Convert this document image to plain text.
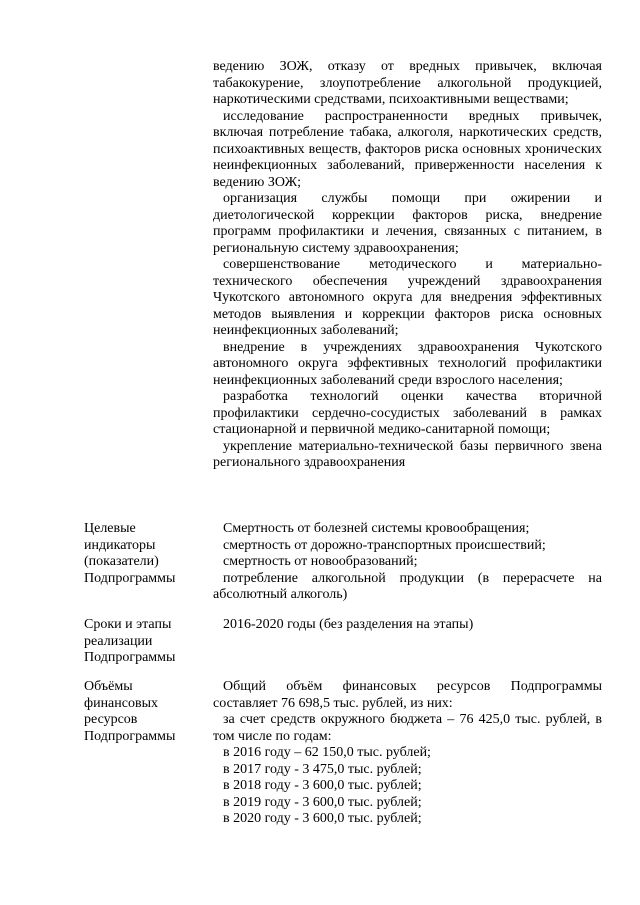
ведению ЗОЖ, отказу от вредных привычек, включая табакокурение, злоупотребление алкогольной продукцией, наркотическими средствами, психоактивными веществами;

исследование распространенности вредных привычек, включая потребление табака, алкоголя, наркотических средств, психоактивных веществ, факторов риска основных хронических неинфекционных заболеваний, приверженности населения к ведению ЗОЖ;

организация службы помощи при ожирении и диетологической коррекции факторов риска, внедрение программ профилактики и лечения, связанных с питанием, в региональную систему здравоохранения;

совершенствование методического и материально-технического обеспечения учреждений здравоохранения Чукотского автономного округа для внедрения эффективных методов выявления и коррекции факторов риска основных неинфекционных заболеваний;

внедрение в учреждениях здравоохранения Чукотского автономного округа эффективных технологий профилактики неинфекционных заболеваний среди взрослого населения;

разработка технологий оценки качества вторичной профилактики сердечно-сосудистых заболеваний в рамках стационарной и первичной медико-санитарной помощи;

укрепление материально-технической базы первичного звена регионального здравоохранения

Целевые

индикаторы

(показатели)

Подпрограммы

Смертность от болезней системы кровообращения;

смертность от дорожно-транспортных происшествий;

смертность от новообразований;

потребление алкогольной продукции (в перерасчете на абсолютный алкоголь)

Сроки и этапы

реализации

Подпрограммы

2016-2020 годы (без разделения на этапы)

Объёмы

финансовых

ресурсов

Подпрограммы

Общий объём финансовых ресурсов Подпрограммы составляет 76 698,5 тыс. рублей, из них:

за счет средств окружного бюджета – 76 425,0 тыс. рублей, в том числе по годам:

в 2016 году – 62 150,0 тыс. рублей;

в 2017 году - 3 475,0 тыс. рублей;

в 2018 году - 3 600,0 тыс. рублей;

в 2019 году - 3 600,0 тыс. рублей;

в 2020 году - 3 600,0 тыс. рублей;
